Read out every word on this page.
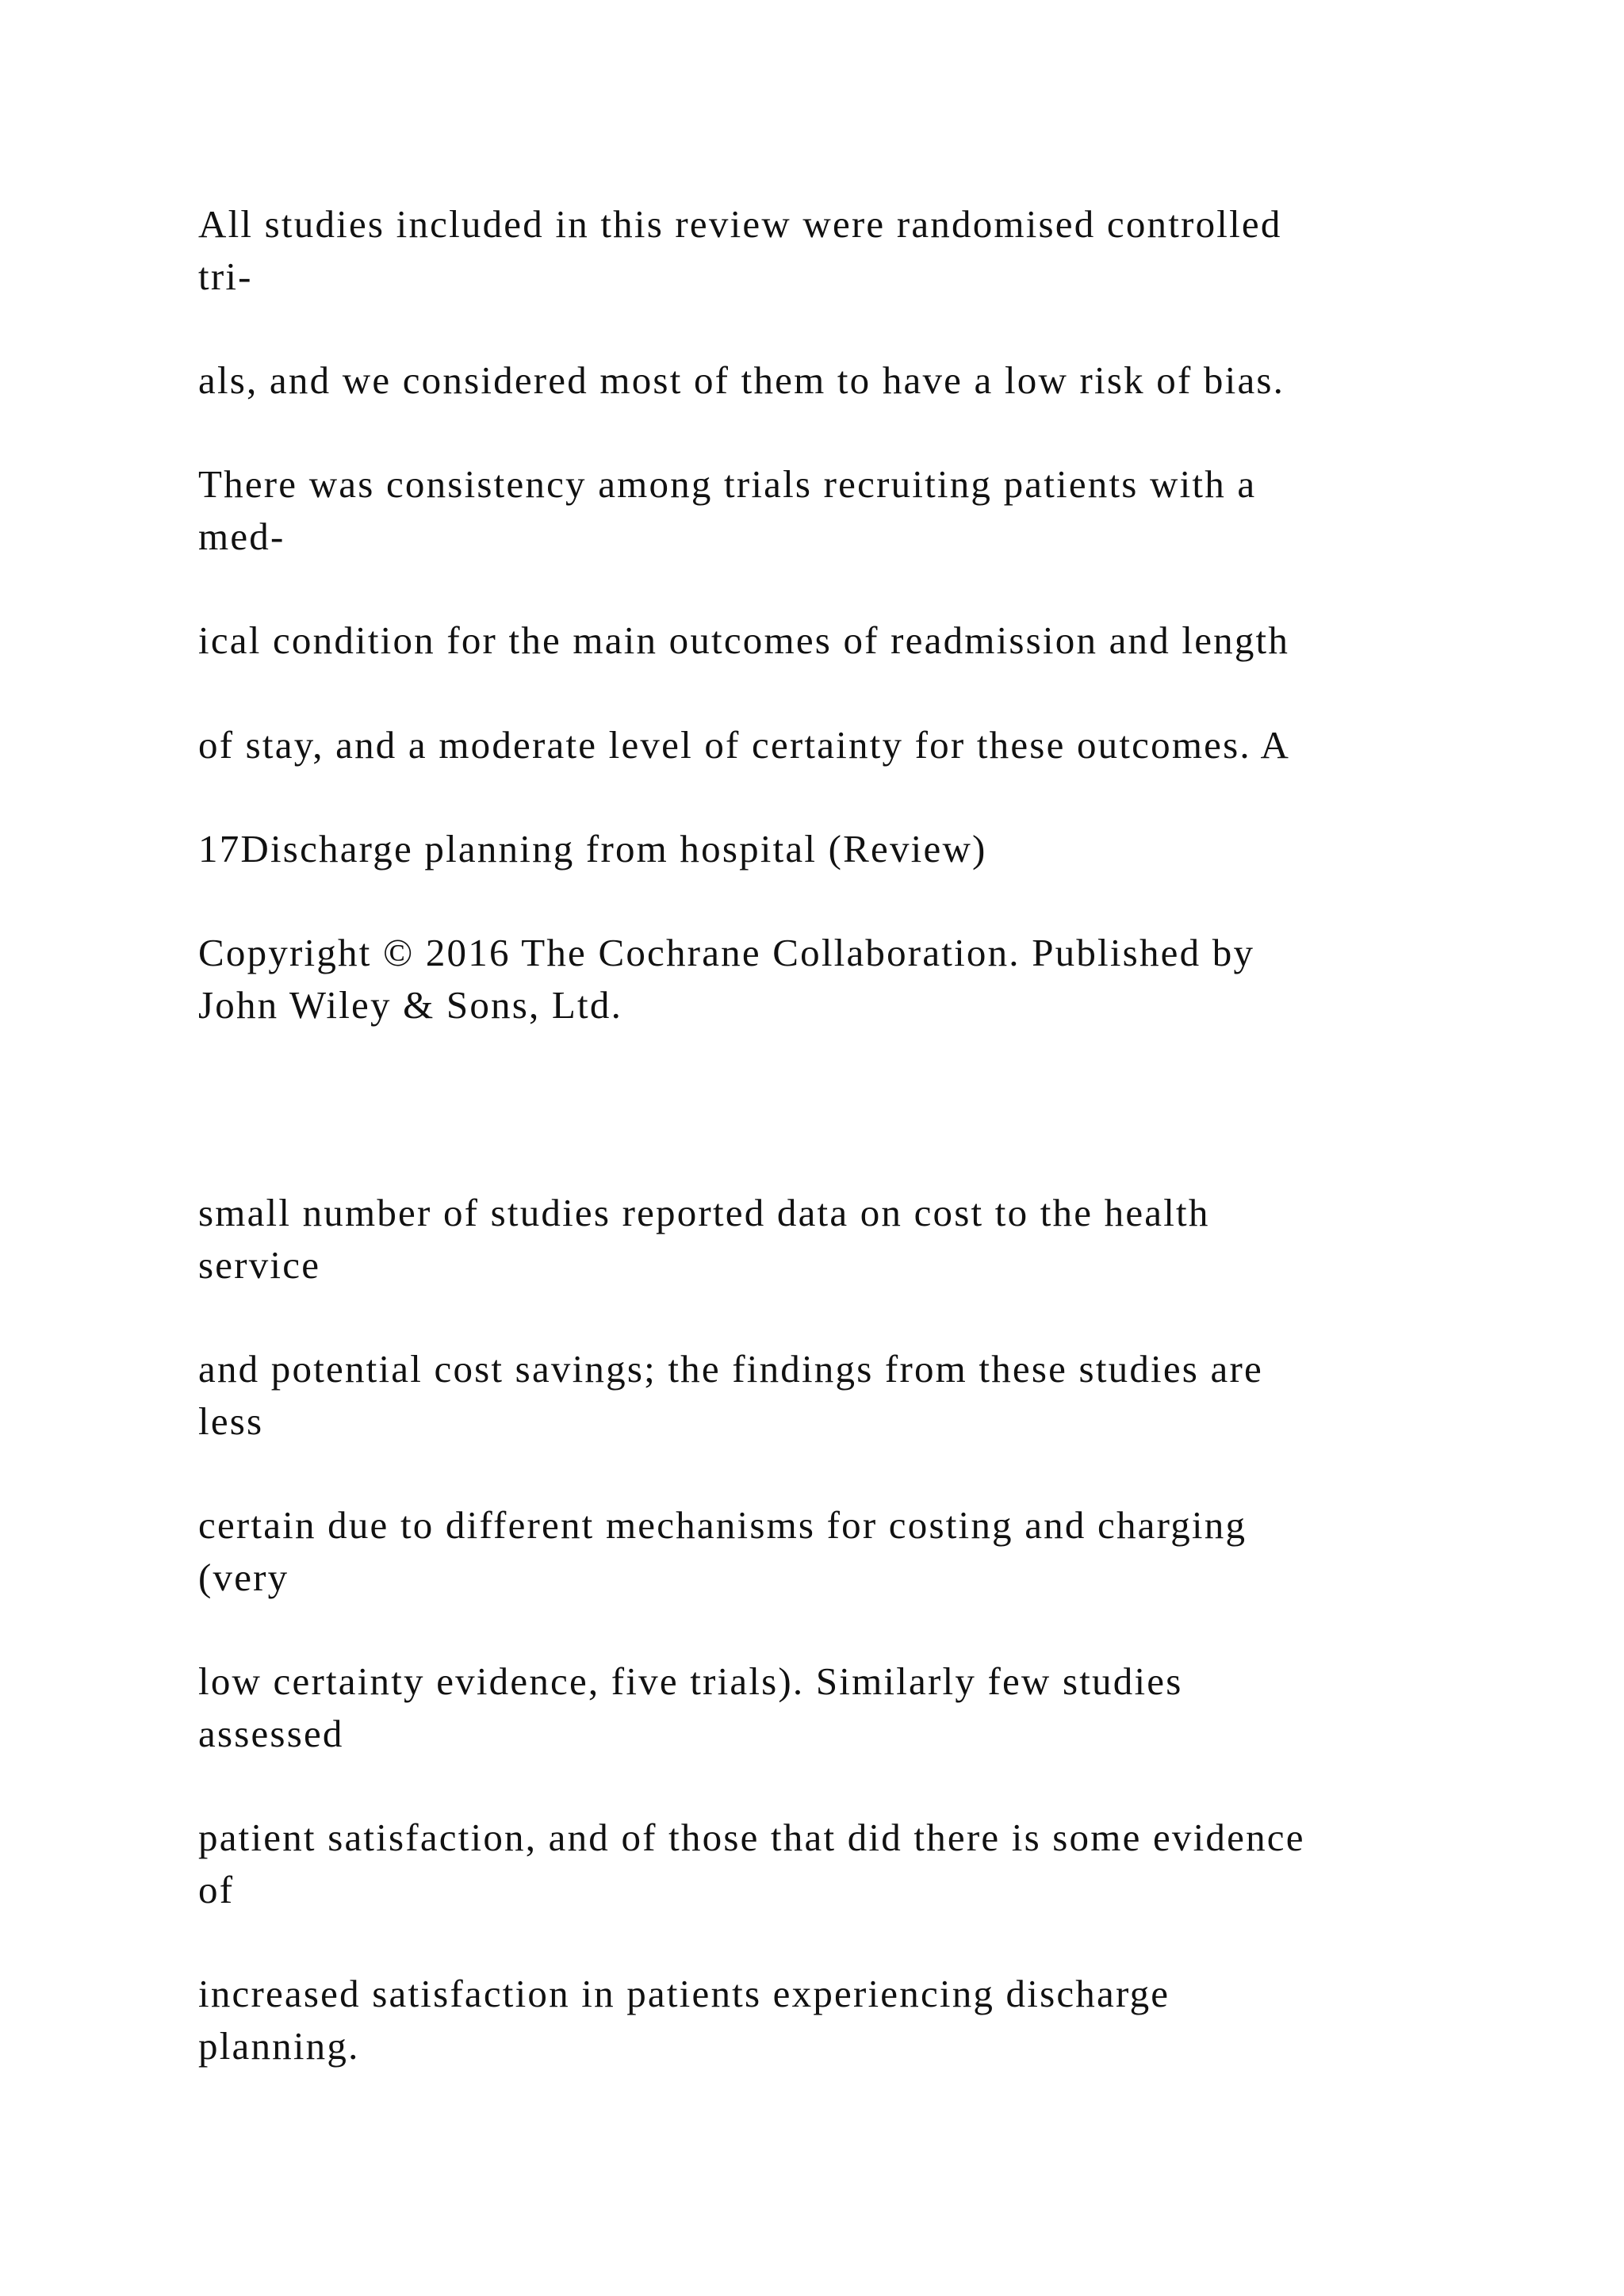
All studies included in this review were randomised controlled
tri-

als, and we considered most of them to have a low risk of bias.

There was consistency among trials recruiting patients with a
med-

ical condition for the main outcomes of readmission and length

of stay, and a moderate level of certainty for these outcomes. A

17Discharge planning from hospital (Review)

Copyright © 2016 The Cochrane Collaboration. Published by
John Wiley & Sons, Ltd.

small number of studies reported data on cost to the health
service

and potential cost savings; the findings from these studies are
less

certain due to different mechanisms for costing and charging
(very

low certainty evidence, five trials). Similarly few studies
assessed

patient satisfaction, and of those that did there is some evidence
of

increased satisfaction in patients experiencing discharge
planning.
